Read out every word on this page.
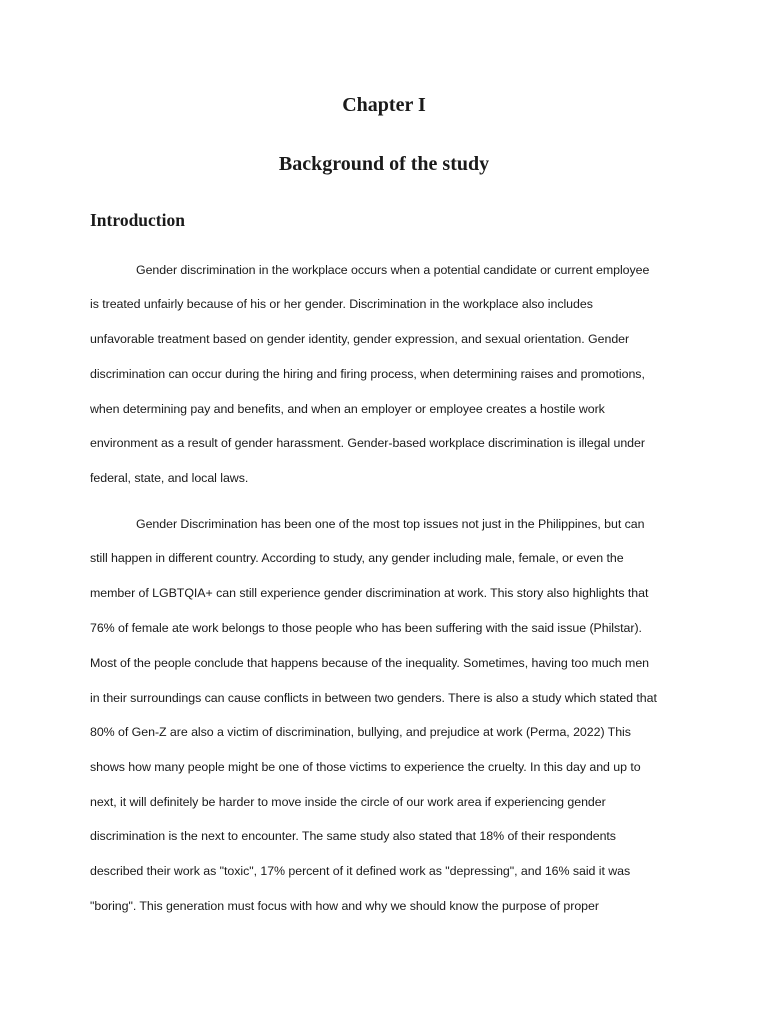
Chapter I
Background of the study
Introduction
Gender discrimination in the workplace occurs when a potential candidate or current employee
is treated unfairly because of his or her gender. Discrimination in the workplace also includes
unfavorable treatment based on gender identity, gender expression, and sexual orientation. Gender
discrimination can occur during the hiring and firing process, when determining raises and promotions,
when determining pay and benefits, and when an employer or employee creates a hostile work
environment as a result of gender harassment. Gender-based workplace discrimination is illegal under
federal, state, and local laws.
Gender Discrimination has been one of the most top issues not just in the Philippines, but can
still happen in different country. According to study, any gender including male, female, or even the
member of LGBTQIA+ can still experience gender discrimination at work. This story also highlights that
76% of female ate work belongs to those people who has been suffering with the said issue (Philstar).
Most of the people conclude that happens because of the inequality. Sometimes, having too much men
in their surroundings can cause conflicts in between two genders. There is also a study which stated that
80% of Gen-Z are also a victim of discrimination, bullying, and prejudice at work (Perma, 2022) This
shows how many people might be one of those victims to experience the cruelty. In this day and up to
next, it will definitely be harder to move inside the circle of our work area if experiencing gender
discrimination is the next to encounter. The same study also stated that 18% of their respondents
described their work as "toxic", 17% percent of it defined work as "depressing", and 16% said it was
"boring". This generation must focus with how and why we should know the purpose of proper
